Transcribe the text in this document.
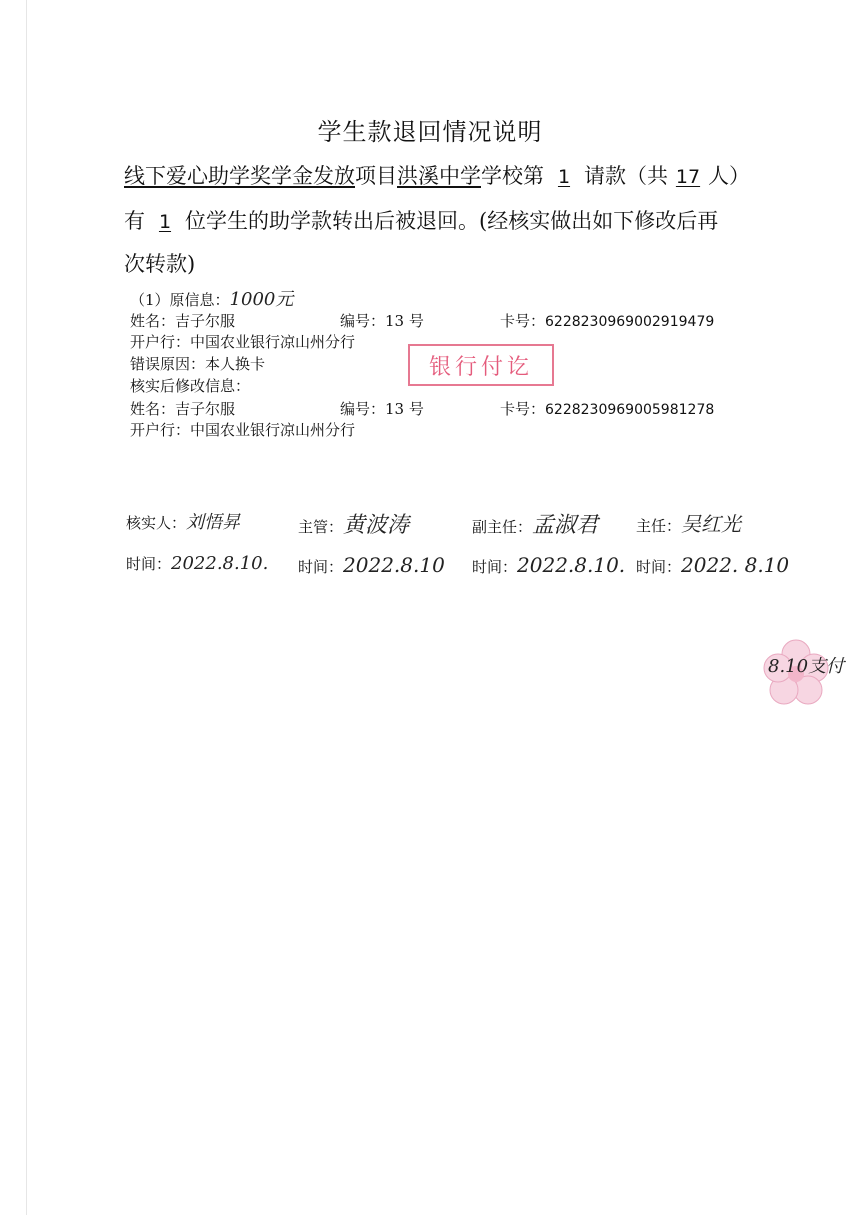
学生款退回情况说明
线下爱心助学奖学金发放项目洪溪中学学校第 1 请款（共 17 人）
有 1 位学生的助学款转出后被退回。(经核实做出如下修改后再
次转款)
（1）原信息：1000元
姓名：吉子尔服	编号：13 号	卡号：6228230969002919479
开户行：中国农业银行凉山州分行
错误原因：本人换卡
核实后修改信息：
姓名：吉子尔服	编号：13 号	卡号：6228230969005981278
开户行：中国农业银行凉山州分行
银行付讫
核实人：刘悟昇	主管：黄波涛	副主任：孟淑君	主任：吴红光
时间：2022.8.10. 时间：2022.8.10 时间：2022.8.10. 时间：2022. 8.10
8.10支付
